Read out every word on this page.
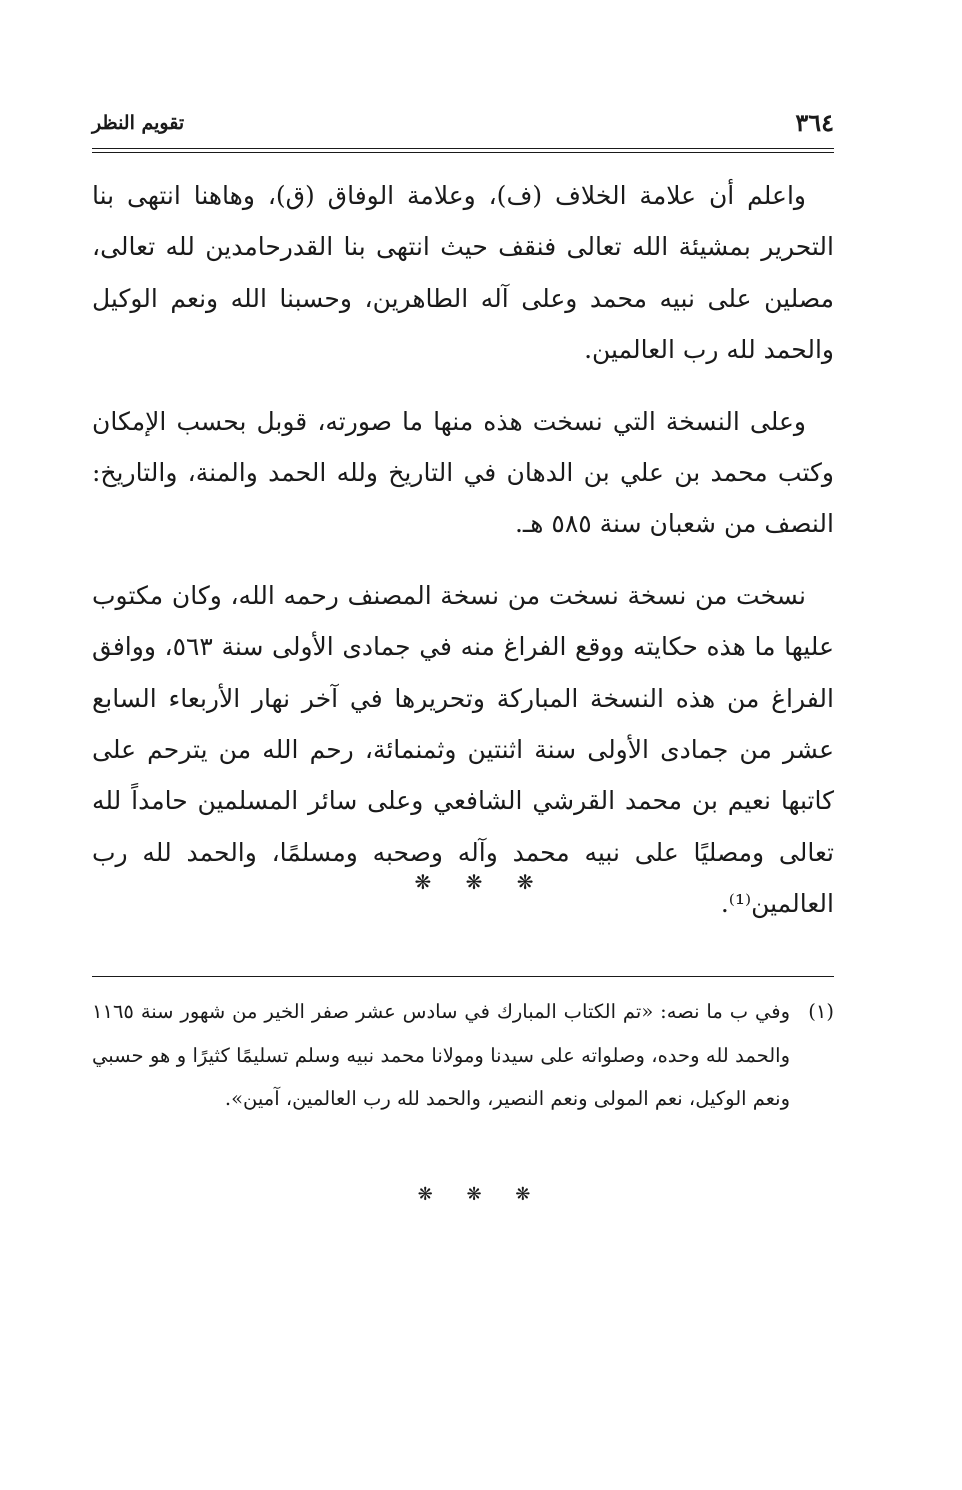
٣٦٤
تقويم النظر

واعلم أن علامة الخلاف (ف)، وعلامة الوفاق (ق)، وهاهنا انتهى بنا التحرير بمشيئة الله تعالى فنقف حيث انتهى بنا القدرحامدين لله تعالى، مصلين على نبيه محمد وعلى آله الطاهرين، وحسبنا الله ونعم الوكيل والحمد لله رب العالمين.

وعلى النسخة التي نسخت هذه منها ما صورته، قوبل بحسب الإمكان وكتب محمد بن علي بن الدهان في التاريخ ولله الحمد والمنة، والتاريخ: النصف من شعبان سنة ٥٨٥ هـ.

نسخت من نسخة نسخت من نسخة المصنف رحمه الله، وكان مكتوب عليها ما هذه حكايته ووقع الفراغ منه في جمادى الأولى سنة ٥٦٣، ووافق الفراغ من هذه النسخة المباركة وتحريرها في آخر نهار الأربعاء السابع عشر من جمادى الأولى سنة اثنتين وثمنمائة، رحم الله من يترحم على كاتبها نعيم بن محمد القرشي الشافعي وعلى سائر المسلمين حامداً لله تعالى ومصليًا على نبيه محمد وآله وصحبه ومسلمًا، والحمد لله رب العالمين⁽¹⁾.

❋ ❋ ❋

(١)
وفي ب ما نصه: «تم الكتاب المبارك في سادس عشر صفر الخير من شهور سنة ١١٦٥ والحمد لله وحده، وصلواته على سيدنا ومولانا محمد نبيه وسلم تسليمًا كثيرًا و هو حسبي ونعم الوكيل، نعم المولى ونعم النصير، والحمد لله رب العالمين، آمين».

❋ ❋ ❋
